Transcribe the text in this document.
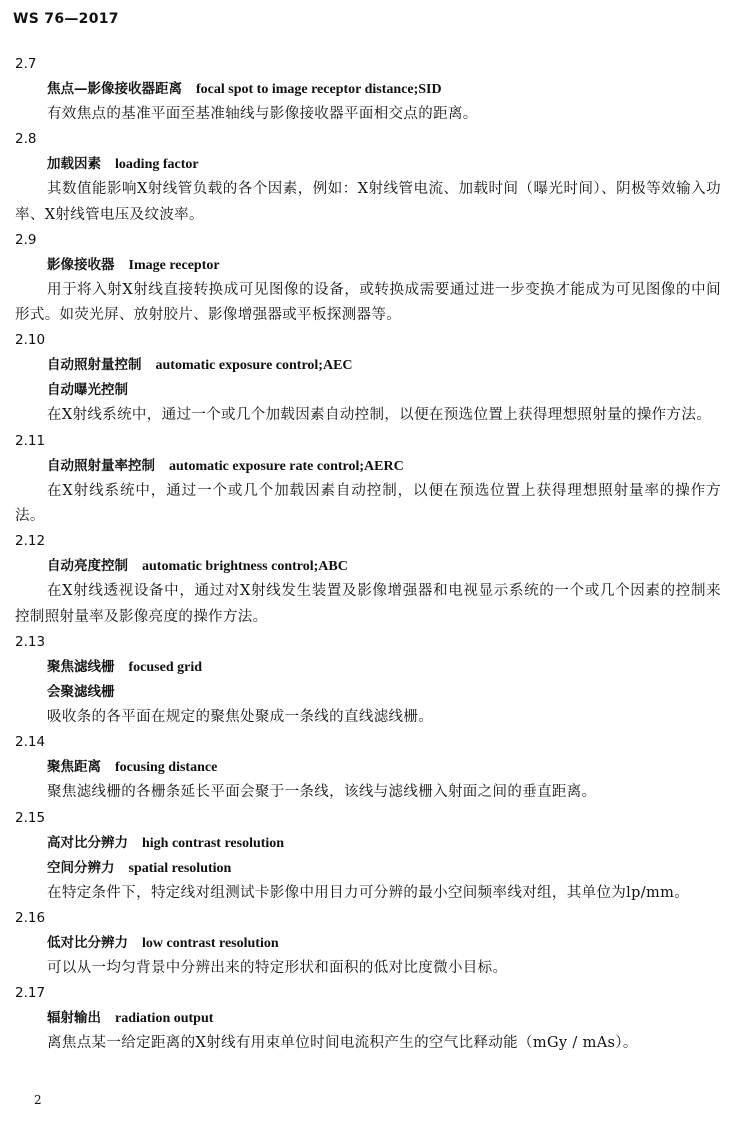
WS 76—2017
2.7
焦点—影像接收器距离 focal spot to image receptor distance;SID
有效焦点的基准平面至基准轴线与影像接收器平面相交点的距离。
2.8
加载因素 loading factor
其数值能影响X射线管负载的各个因素，例如：X射线管电流、加载时间（曝光时间）、阴极等效输入功率、X射线管电压及纹波率。
2.9
影像接收器 Image receptor
用于将入射X射线直接转换成可见图像的设备，或转换成需要通过进一步变换才能成为可见图像的中间形式。如荧光屏、放射胶片、影像增强器或平板探测器等。
2.10
自动照射量控制 automatic exposure control;AEC
自动曝光控制
在X射线系统中，通过一个或几个加载因素自动控制，以便在预选位置上获得理想照射量的操作方法。
2.11
自动照射量率控制 automatic exposure rate control;AERC
在X射线系统中，通过一个或几个加载因素自动控制，以便在预选位置上获得理想照射量率的操作方法。
2.12
自动亮度控制 automatic brightness control;ABC
在X射线透视设备中，通过对X射线发生装置及影像增强器和电视显示系统的一个或几个因素的控制来控制照射量率及影像亮度的操作方法。
2.13
聚焦滤线栅 focused grid
会聚滤线栅
吸收条的各平面在规定的聚焦处聚成一条线的直线滤线栅。
2.14
聚焦距离 focusing distance
聚焦滤线栅的各栅条延长平面会聚于一条线，该线与滤线栅入射面之间的垂直距离。
2.15
高对比分辨力 high contrast resolution
空间分辨力 spatial resolution
在特定条件下，特定线对组测试卡影像中用目力可分辨的最小空间频率线对组，其单位为lp/mm。
2.16
低对比分辨力 low contrast resolution
可以从一均匀背景中分辨出来的特定形状和面积的低对比度微小目标。
2.17
辐射输出 radiation output
离焦点某一给定距离的X射线有用束单位时间电流积产生的空气比释动能（mGy / mAs）。
2
